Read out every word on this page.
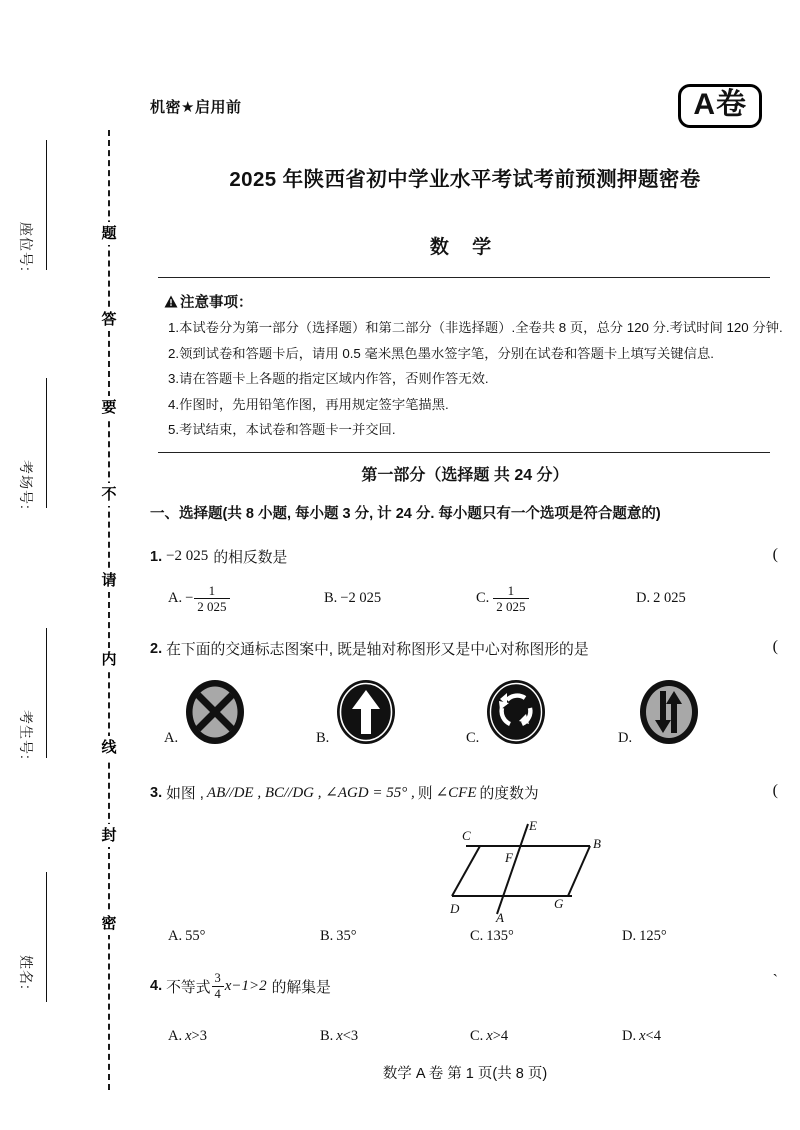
座位号:
考场号:
考生号:
姓名:
题
答
要
不
请
内
线
封
密
机密★启用前	A卷
2025 年陕西省初中学业水平考试考前预测押题密卷
数 学
注意事项：
1.本试卷分为第一部分（选择题）和第二部分（非选择题）.全卷共 8 页，总分 120 分.考试时间 120 分钟.
2.领到试卷和答题卡后，请用 0.5 毫米黑色墨水签字笔，分别在试卷和答题卡上填写关键信息.
3.请在答题卡上各题的指定区域内作答，否则作答无效.
4.作图时，先用铅笔作图，再用规定签字笔描黑.
5.考试结束，本试卷和答题卡一并交回.
第一部分（选择题 共 24 分）
一、选择题(共 8 小题, 每小题 3 分, 计 24 分. 每小题只有一个选项是符合题意的)
1. −2 025 的相反数是	(
A. − $\frac{1}{2 025}$	B. −2 025	C. $\frac{1}{2 025}$	D. 2 025
2. 在下面的交通标志图案中, 既是轴对称图形又是中心对称图形的是	(
A.	B.	C.	D.
3. 如图 , AB//DE , BC//DG , ∠AGD = 55° , 则 ∠CFE 的度数为	(
C
E
B
F
D	G
A
A. 55°	B. 35°	C. 135°	D. 125°
4. 不等式 $\frac{3}{4} x-1>2$ 的解集是	ˋ
A. x >3	B. x <3	C. x >4	D. x <4
数学 A 卷 第 1 页(共 8 页)
